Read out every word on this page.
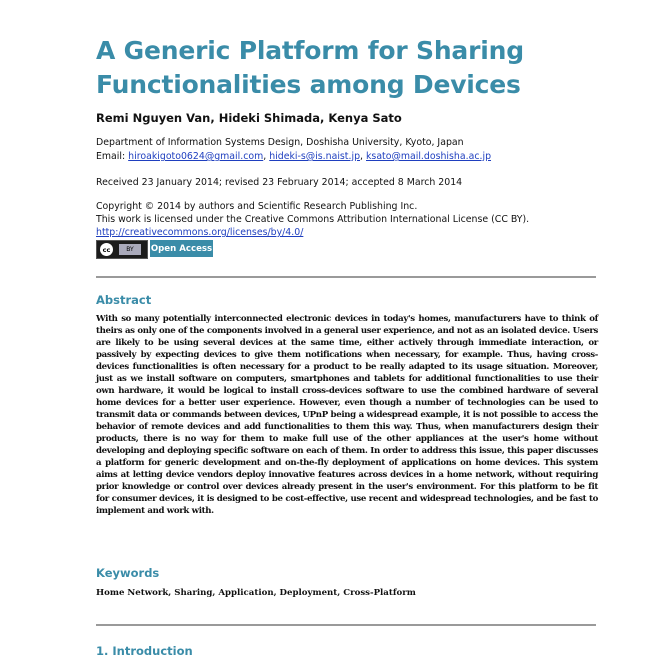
A Generic Platform for Sharing
Functionalities among Devices
Remi Nguyen Van, Hideki Shimada, Kenya Sato
Department of Information Systems Design, Doshisha University, Kyoto, Japan
Email: hiroakigoto0624@gmail.com, hideki-s@is.naist.jp, ksato@mail.doshisha.ac.jp
Received 23 January 2014; revised 23 February 2014; accepted 8 March 2014
Copyright © 2014 by authors and Scientific Research Publishing Inc.
This work is licensed under the Creative Commons Attribution International License (CC BY).
http://creativecommons.org/licenses/by/4.0/
cc	BY	Open Access
Abstract
With so many potentially interconnected electronic devices in today's homes, manufacturers have to think of theirs as only one of the components involved in a general user experience, and not as an isolated device. Users are likely to be using several devices at the same time, either actively through immediate interaction, or passively by expecting devices to give them notifications when necessary, for example. Thus, having cross-devices functionalities is often necessary for a product to be really adapted to its usage situation. Moreover, just as we install software on computers, smartphones and tablets for additional functionalities to use their own hardware, it would be logical to install cross-devices software to use the combined hardware of several home devices for a better user experience. However, even though a number of technologies can be used to transmit data or commands between devices, UPnP being a widespread example, it is not possible to access the behavior of remote devices and add functionalities to them this way. Thus, when manufacturers design their products, there is no way for them to make full use of the other appliances at the user's home without developing and deploying specific software on each of them. In order to address this issue, this paper discusses a platform for generic development and on-the-fly deployment of applications on home devices. This system aims at letting device vendors deploy innovative features across devices in a home network, without requiring prior knowledge or control over devices already present in the user's environment. For this platform to be fit for consumer devices, it is designed to be cost-effective, use recent and widespread technologies, and be fast to implement and work with.
Keywords
Home Network, Sharing, Application, Deployment, Cross-Platform
1. Introduction
